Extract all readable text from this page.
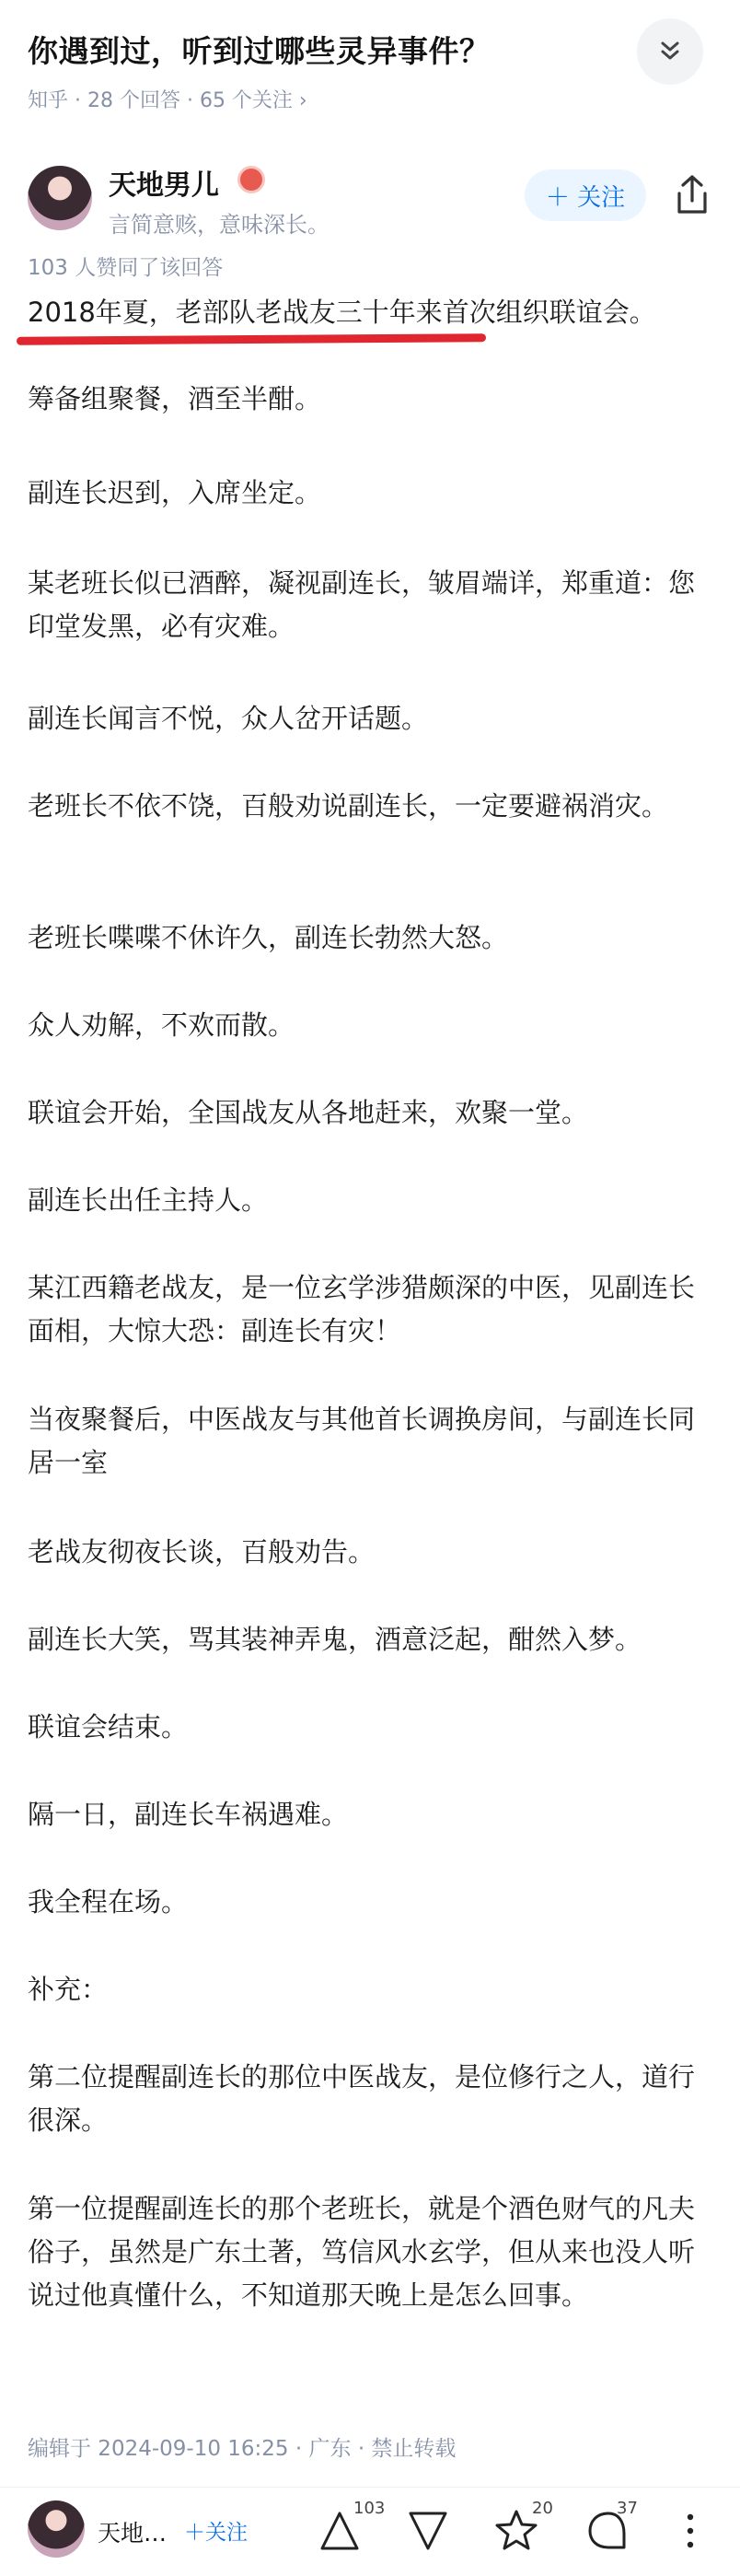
你遇到过，听到过哪些灵异事件？
知乎 · 28 个回答 · 65 个关注 ›
天地男儿
言简意赅，意味深长。
＋ 关注
103 人赞同了该回答

2018年夏，老部队老战友三十年来首次组织联谊会。

筹备组聚餐，酒至半酣。

副连长迟到，入席坐定。

某老班长似已酒醉，凝视副连长，皱眉端详，郑重道：您印堂发黑，必有灾难。

副连长闻言不悦，众人岔开话题。

老班长不依不饶，百般劝说副连长，一定要避祸消灾。

老班长喋喋不休许久，副连长勃然大怒。

众人劝解，不欢而散。

联谊会开始，全国战友从各地赶来，欢聚一堂。

副连长出任主持人。

某江西籍老战友，是一位玄学涉猎颇深的中医，见副连长面相，大惊大恐：副连长有灾！

当夜聚餐后，中医战友与其他首长调换房间，与副连长同居一室

老战友彻夜长谈，百般劝告。

副连长大笑，骂其装神弄鬼，酒意泛起，酣然入梦。

联谊会结束。

隔一日，副连长车祸遇难。

我全程在场。

补充：

第二位提醒副连长的那位中医战友，是位修行之人，道行很深。

第一位提醒副连长的那个老班长，就是个酒色财气的凡夫俗子，虽然是广东土著，笃信风水玄学，但从来也没人听说过他真懂什么，不知道那天晚上是怎么回事。

编辑于 2024-09-10 16:25 · 广东 · 禁止转载
天地… ＋关注
103	20	37
